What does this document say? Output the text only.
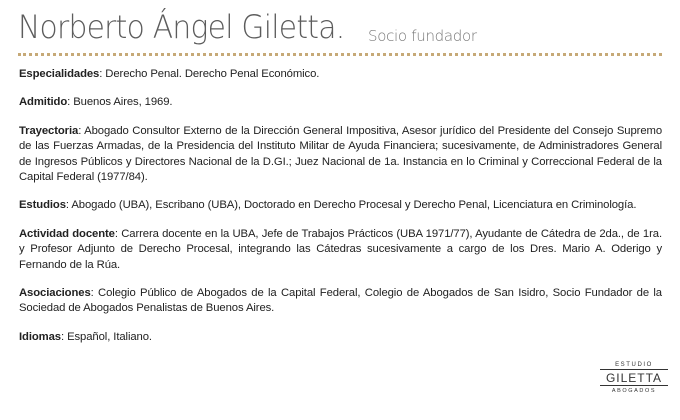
Norberto Ángel Giletta. Socio fundador

Especialidades: Derecho Penal. Derecho Penal Económico.

Admitido: Buenos Aires, 1969.

Trayectoria: Abogado Consultor Externo de la Dirección General Impositiva, Asesor jurídico del Presidente del Consejo Supremo de las Fuerzas Armadas, de la Presidencia del Instituto Militar de Ayuda Financiera; sucesivamente, de Administradores General de Ingresos Públicos y Directores Nacional de la D.GI.; Juez Nacional de 1a. Instancia en lo Criminal y Correccional Federal de la Capital Federal (1977/84).

Estudios: Abogado (UBA), Escribano (UBA), Doctorado en Derecho Procesal y Derecho Penal, Licenciatura en Criminología.

Actividad docente: Carrera docente en la UBA, Jefe de Trabajos Prácticos (UBA 1971/77), Ayudante de Cátedra de 2da., de 1ra. y Profesor Adjunto de Derecho Procesal, integrando las Cátedras sucesivamente a cargo de los Dres. Mario A. Oderigo y Fernando de la Rúa.

Asociaciones: Colegio Público de Abogados de la Capital Federal, Colegio de Abogados de San Isidro, Socio Fundador de la Sociedad de Abogados Penalistas de Buenos Aires.

Idiomas: Español, Italiano.

ESTUDIO
GILETTA
ABOGADOS
